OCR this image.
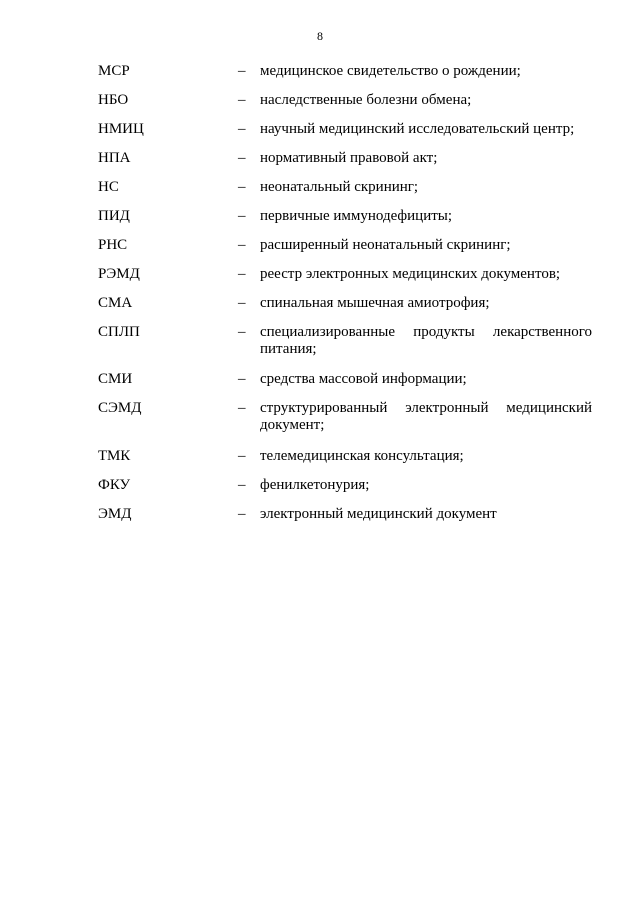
8
МСР	– медицинское свидетельство о рождении;
НБО	– наследственные болезни обмена;
НМИЦ	– научный медицинский исследовательский центр;
НПА	– нормативный правовой акт;
НС	– неонатальный скрининг;
ПИД	– первичные иммунодефициты;
РНС	– расширенный неонатальный скрининг;
РЭМД	– реестр электронных медицинских документов;
СМА	– спинальная мышечная амиотрофия;
СПЛП	– специализированные продукты лекарственного питания;
СМИ	– средства массовой информации;
СЭМД	– структурированный электронный медицинский документ;
ТМК	– телемедицинская консультация;
ФКУ	– фенилкетонурия;
ЭМД	– электронный медицинский документ
